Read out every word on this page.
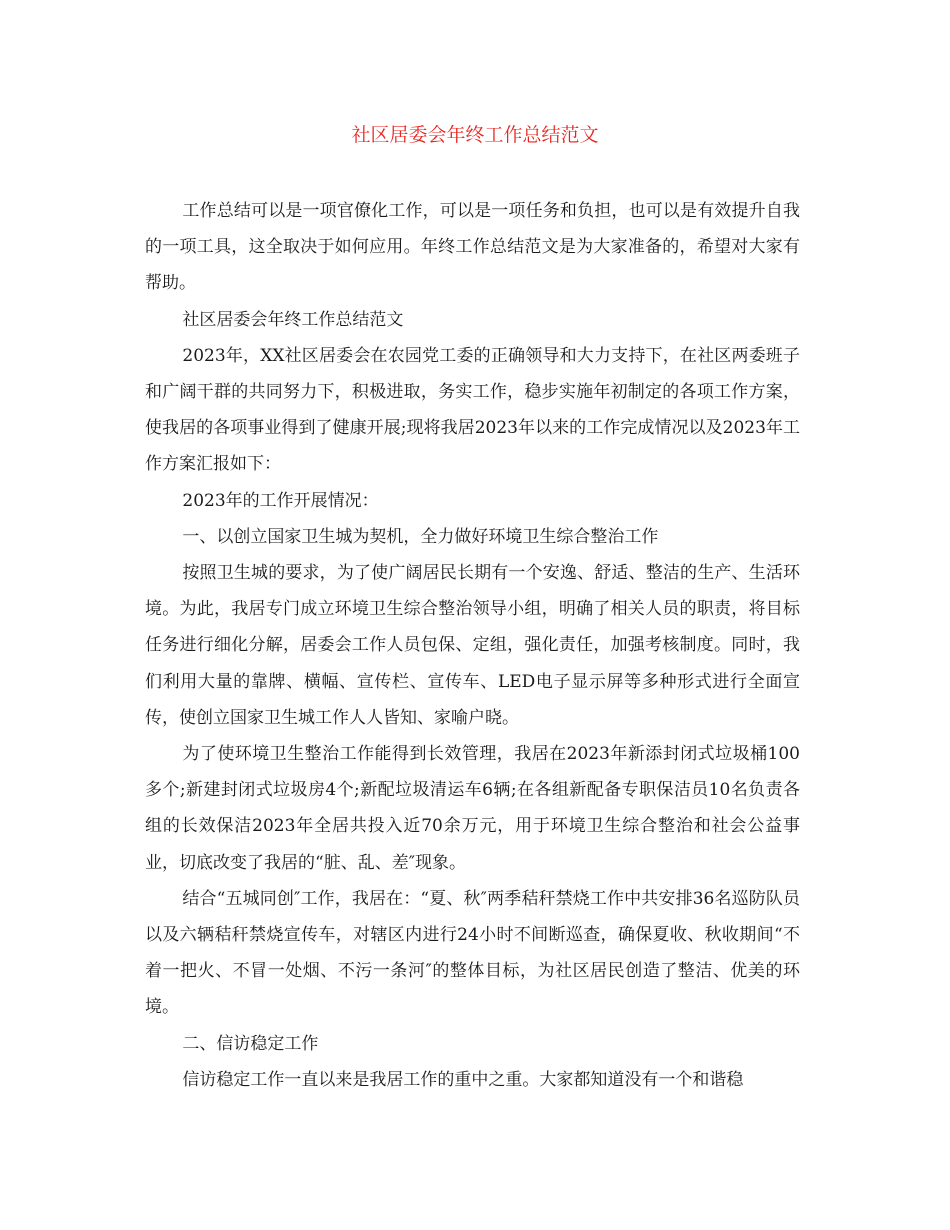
社区居委会年终工作总结范文

工作总结可以是一项官僚化工作，可以是一项任务和负担，也可以是有效提升自我的一项工具，这全取决于如何应用。年终工作总结范文是为大家准备的，希望对大家有帮助。

社区居委会年终工作总结范文

2023年，XX社区居委会在农园党工委的正确领导和大力支持下，在社区两委班子和广阔干群的共同努力下，积极进取，务实工作，稳步实施年初制定的各项工作方案，使我居的各项事业得到了健康开展;现将我居2023年以来的工作完成情况以及2023年工作方案汇报如下：

2023年的工作开展情况：

一、以创立国家卫生城为契机，全力做好环境卫生综合整治工作

按照卫生城的要求，为了使广阔居民长期有一个安逸、舒适、整洁的生产、生活环境。为此，我居专门成立环境卫生综合整治领导小组，明确了相关人员的职责，将目标任务进行细化分解，居委会工作人员包保、定组，强化责任，加强考核制度。同时，我们利用大量的靠牌、横幅、宣传栏、宣传车、LED电子显示屏等多种形式进行全面宣传，使创立国家卫生城工作人人皆知、家喻户晓。

为了使环境卫生整治工作能得到长效管理，我居在2023年新添封闭式垃圾桶100多个;新建封闭式垃圾房4个;新配垃圾清运车6辆;在各组新配备专职保洁员10名负责各组的长效保洁2023年全居共投入近70余万元，用于环境卫生综合整治和社会公益事业，切底改变了我居的“脏、乱、差″现象。

结合“五城同创″工作，我居在：“夏、秋″两季秸秆禁烧工作中共安排36名巡防队员以及六辆秸秆禁烧宣传车，对辖区内进行24小时不间断巡查，确保夏收、秋收期间“不着一把火、不冒一处烟、不污一条河″的整体目标，为社区居民创造了整洁、优美的环境。

二、信访稳定工作

信访稳定工作一直以来是我居工作的重中之重。大家都知道没有一个和谐稳
